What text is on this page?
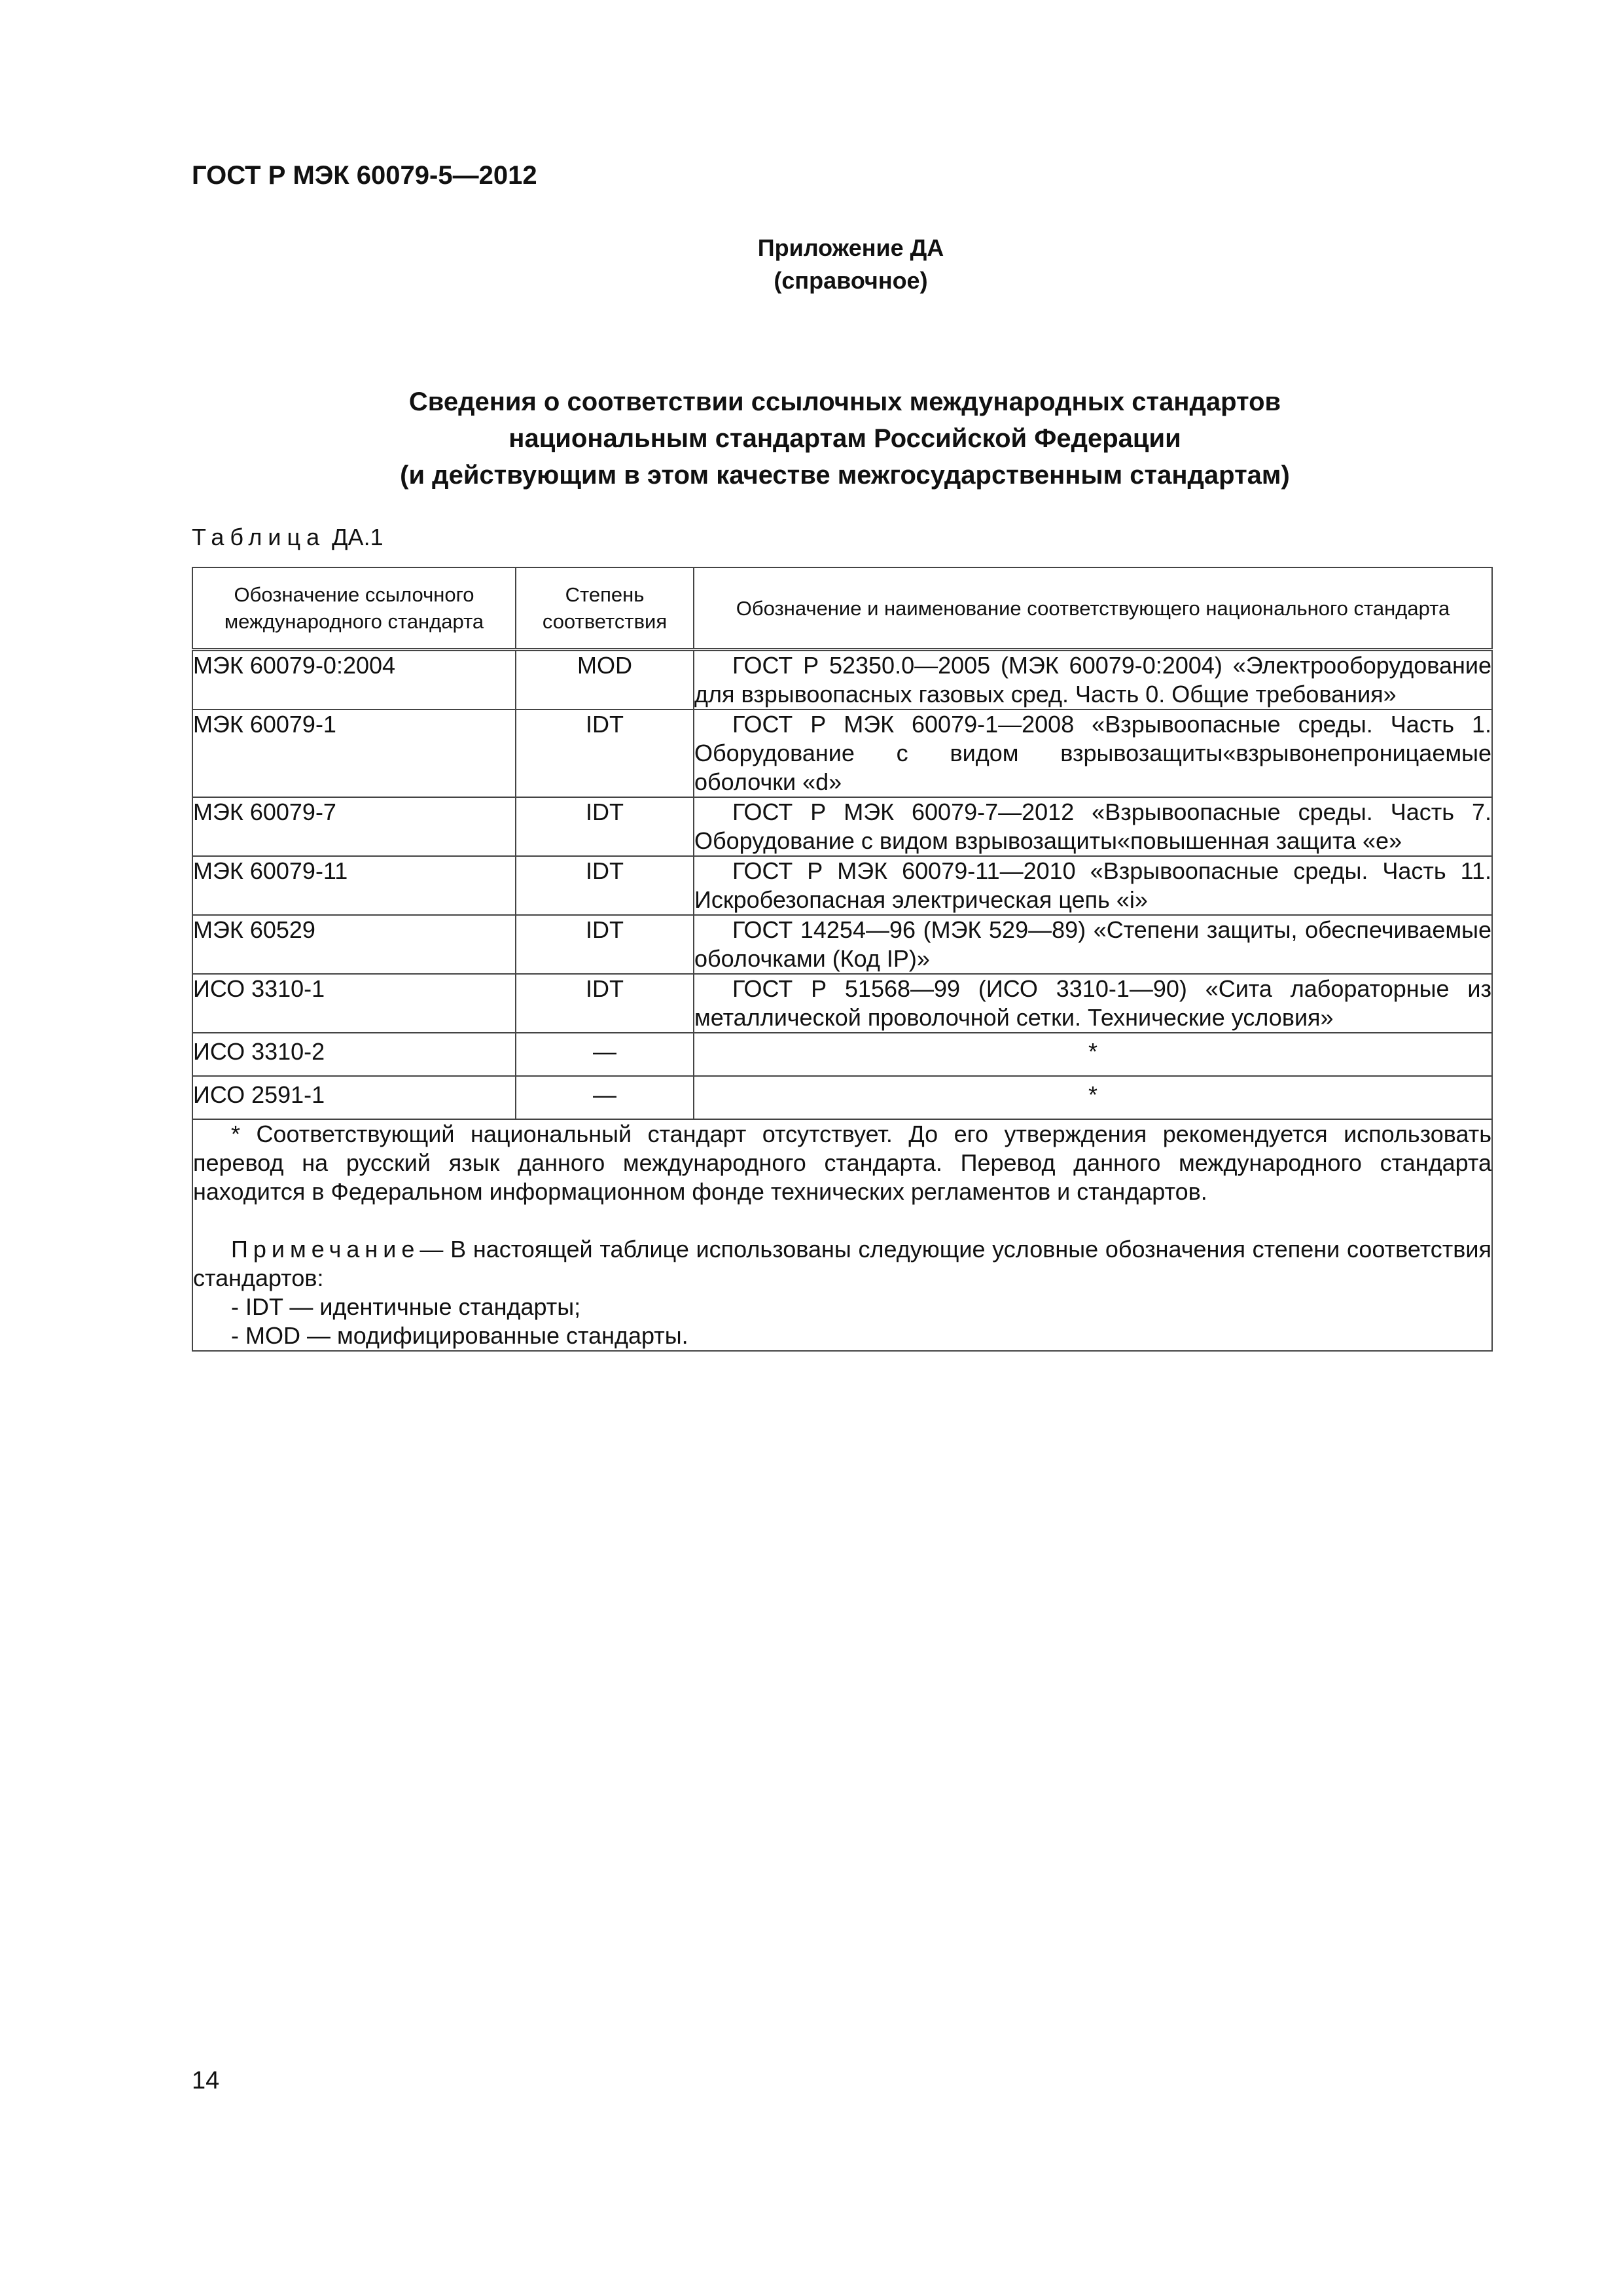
ГОСТ Р МЭК 60079-5—2012
Приложение ДА
(справочное)
Сведения о соответствии ссылочных международных стандартов
национальным стандартам Российской Федерации
(и действующим в этом качестве межгосударственным стандартам)
Таблица ДА.1
Обозначение ссылочного международного стандарта	Степень соответствия	Обозначение и наименование соответствующего национального стандарта
МЭК 60079-0:2004	MOD	ГОСТ Р 52350.0—2005 (МЭК 60079-0:2004) «Электрооборудование для взрывоопасных газовых сред. Часть 0. Общие требования»
МЭК 60079-1	IDT	ГОСТ Р МЭК 60079-1—2008 «Взрывоопасные среды. Часть 1. Оборудование с видом взрывозащиты«взрывонепроницаемые оболочки «d»
МЭК 60079-7	IDT	ГОСТ Р МЭК 60079-7—2012 «Взрывоопасные среды. Часть 7. Оборудование с видом взрывозащиты«повышенная защита «е»
МЭК 60079-11	IDT	ГОСТ Р МЭК 60079-11—2010 «Взрывоопасные среды. Часть 11. Искробезопасная электрическая цепь «i»
МЭК 60529	IDT	ГОСТ 14254—96 (МЭК 529—89) «Степени защиты, обеспечиваемые оболочками (Код IP)»
ИСО 3310-1	IDT	ГОСТ Р 51568—99 (ИСО 3310-1—90) «Сита лабораторные из металлической проволочной сетки. Технические условия»
ИСО 3310-2	—	*
ИСО 2591-1	—	*

* Соответствующий национальный стандарт отсутствует. До его утверждения рекомендуется использовать перевод на русский язык данного международного стандарта. Перевод данного международного стандарта находится в Федеральном информационном фонде технических регламентов и стандартов.

Примечание— В настоящей таблице использованы следующие условные обозначения степени соответствия стандартов:

- IDT — идентичные стандарты;
- MOD — модифицированные стандарты.		
14
